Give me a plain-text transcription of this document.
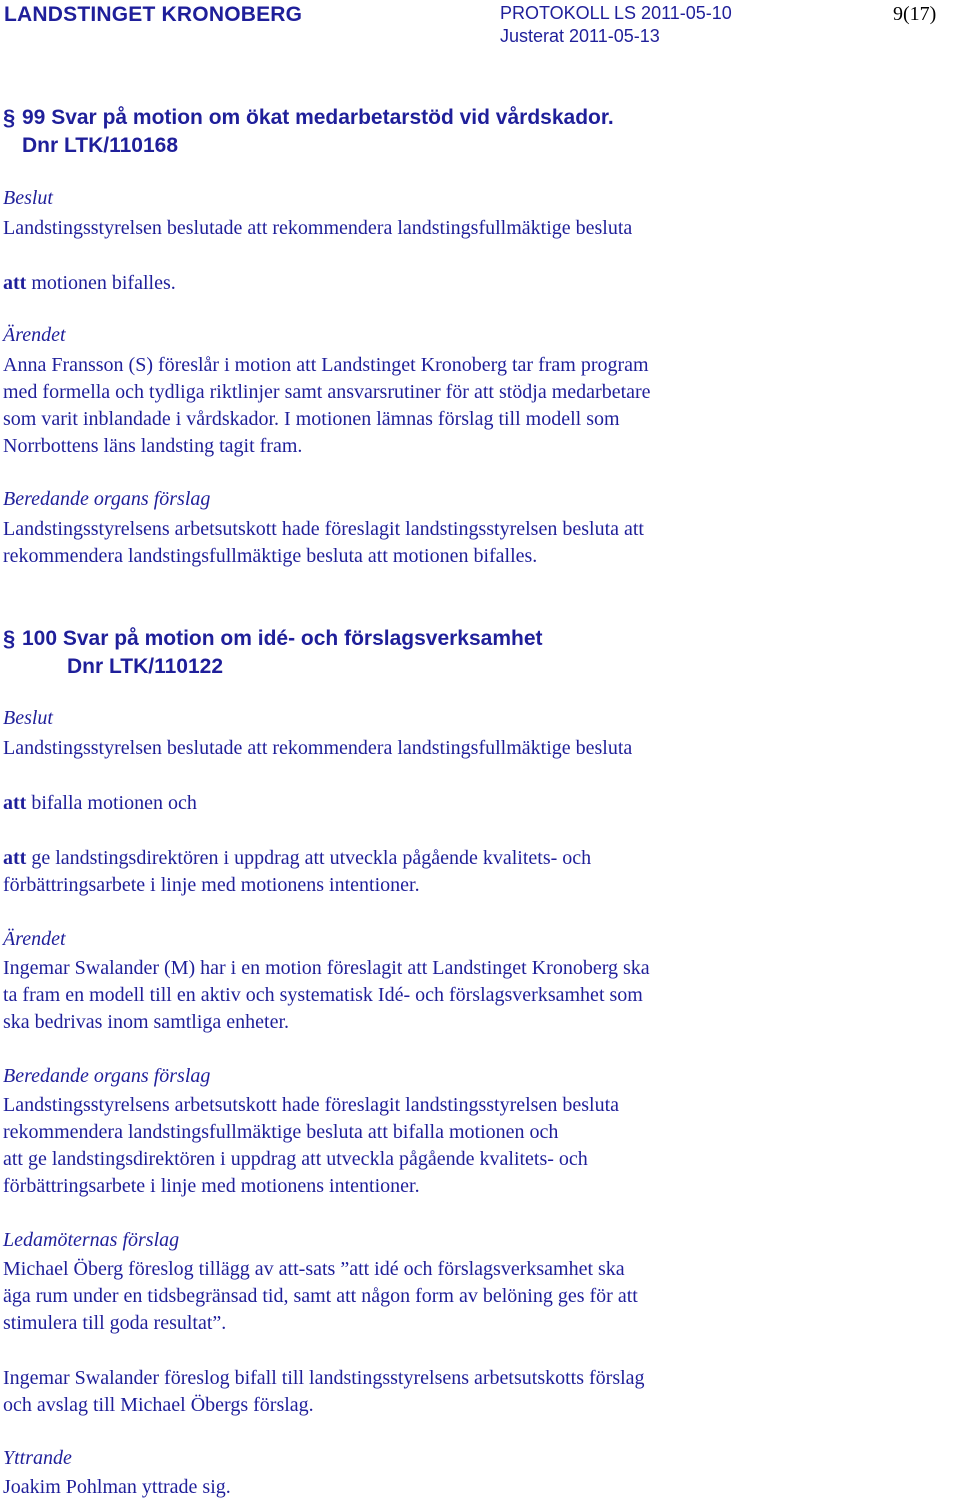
LANDSTINGET KRONOBERG	PROTOKOLL LS 2011-05-10
Justerat 2011-05-13
9(17)
§ 99 Svar på motion om ökat medarbetarstöd vid vårdskador.
Dnr LTK/110168
Beslut
Landstingsstyrelsen beslutade att rekommendera landstingsfullmäktige besluta
att motionen bifalles.
Ärendet
Anna Fransson (S) föreslår i motion att Landstinget Kronoberg tar fram program
med formella och tydliga riktlinjer samt ansvarsrutiner för att stödja medarbetare
som varit inblandade i vårdskador. I motionen lämnas förslag till modell som
Norrbottens läns landsting tagit fram.
Beredande organs förslag
Landstingsstyrelsens arbetsutskott hade föreslagit landstingsstyrelsen besluta att
rekommendera landstingsfullmäktige besluta att motionen bifalles.
§ 100 Svar på motion om idé- och förslagsverksamhet
Dnr LTK/110122
Beslut
Landstingsstyrelsen beslutade att rekommendera landstingsfullmäktige besluta
att bifalla motionen och
att ge landstingsdirektören i uppdrag att utveckla pågående kvalitets- och
förbättringsarbete i linje med motionens intentioner.
Ärendet
Ingemar Swalander (M) har i en motion föreslagit att Landstinget Kronoberg ska
ta fram en modell till en aktiv och systematisk Idé- och förslagsverksamhet som
ska bedrivas inom samtliga enheter.
Beredande organs förslag
Landstingsstyrelsens arbetsutskott hade föreslagit landstingsstyrelsen besluta
rekommendera landstingsfullmäktige besluta att bifalla motionen och
att ge landstingsdirektören i uppdrag att utveckla pågående kvalitets- och
förbättringsarbete i linje med motionens intentioner.
Ledamöternas förslag
Michael Öberg föreslog tillägg av att-sats ”att idé och förslagsverksamhet ska
äga rum under en tidsbegränsad tid, samt att någon form av belöning ges för att
stimulera till goda resultat”.
Ingemar Swalander föreslog bifall till landstingsstyrelsens arbetsutskotts förslag
och avslag till Michael Öbergs förslag.
Yttrande
Joakim Pohlman yttrade sig.
